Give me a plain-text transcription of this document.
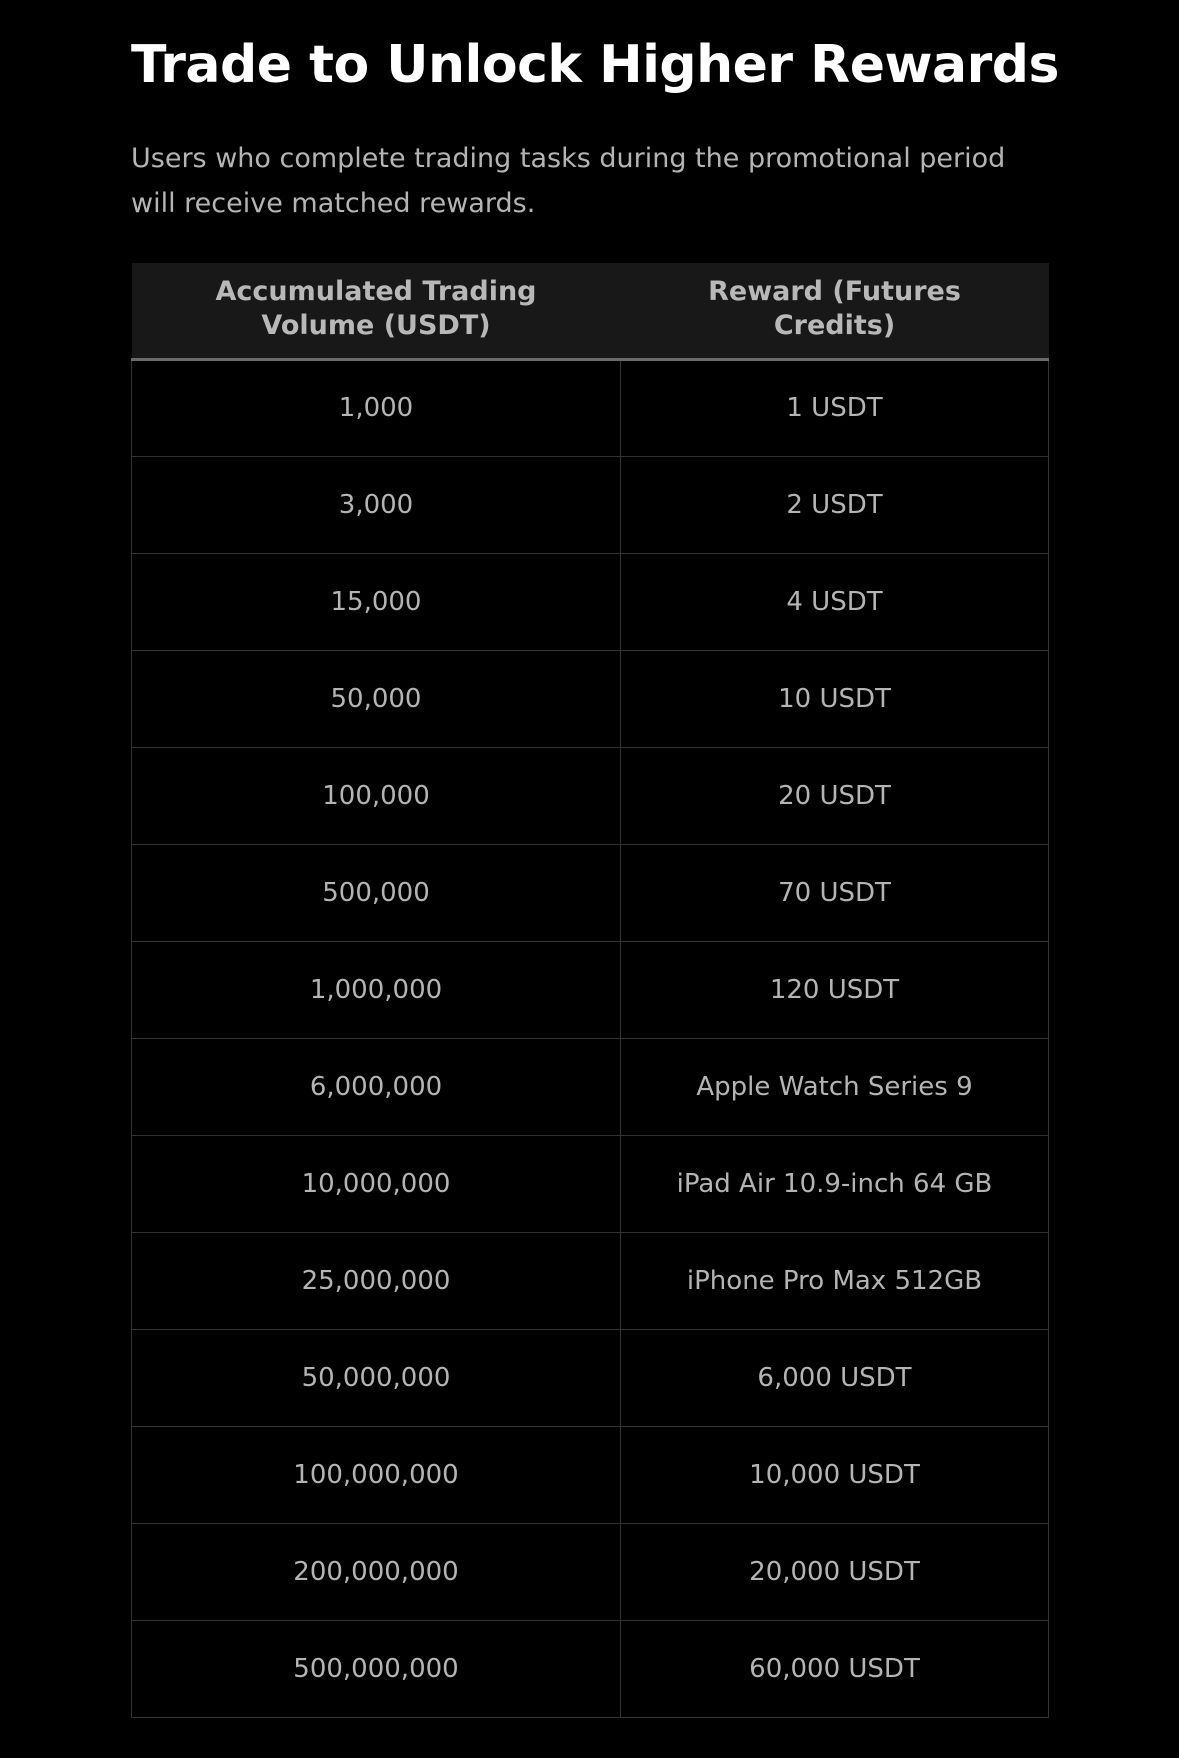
Trade to Unlock Higher Rewards

Users who complete trading tasks during the promotional period will receive matched rewards.

Accumulated Trading Volume (USDT)	Reward (Futures Credits)
1,000	1 USDT
3,000	2 USDT
15,000	4 USDT
50,000	10 USDT
100,000	20 USDT
500,000	70 USDT
1,000,000	120 USDT
6,000,000	Apple Watch Series 9
10,000,000	iPad Air 10.9-inch 64 GB
25,000,000	iPhone Pro Max 512GB
50,000,000	6,000 USDT
100,000,000	10,000 USDT
200,000,000	20,000 USDT
500,000,000	60,000 USDT
